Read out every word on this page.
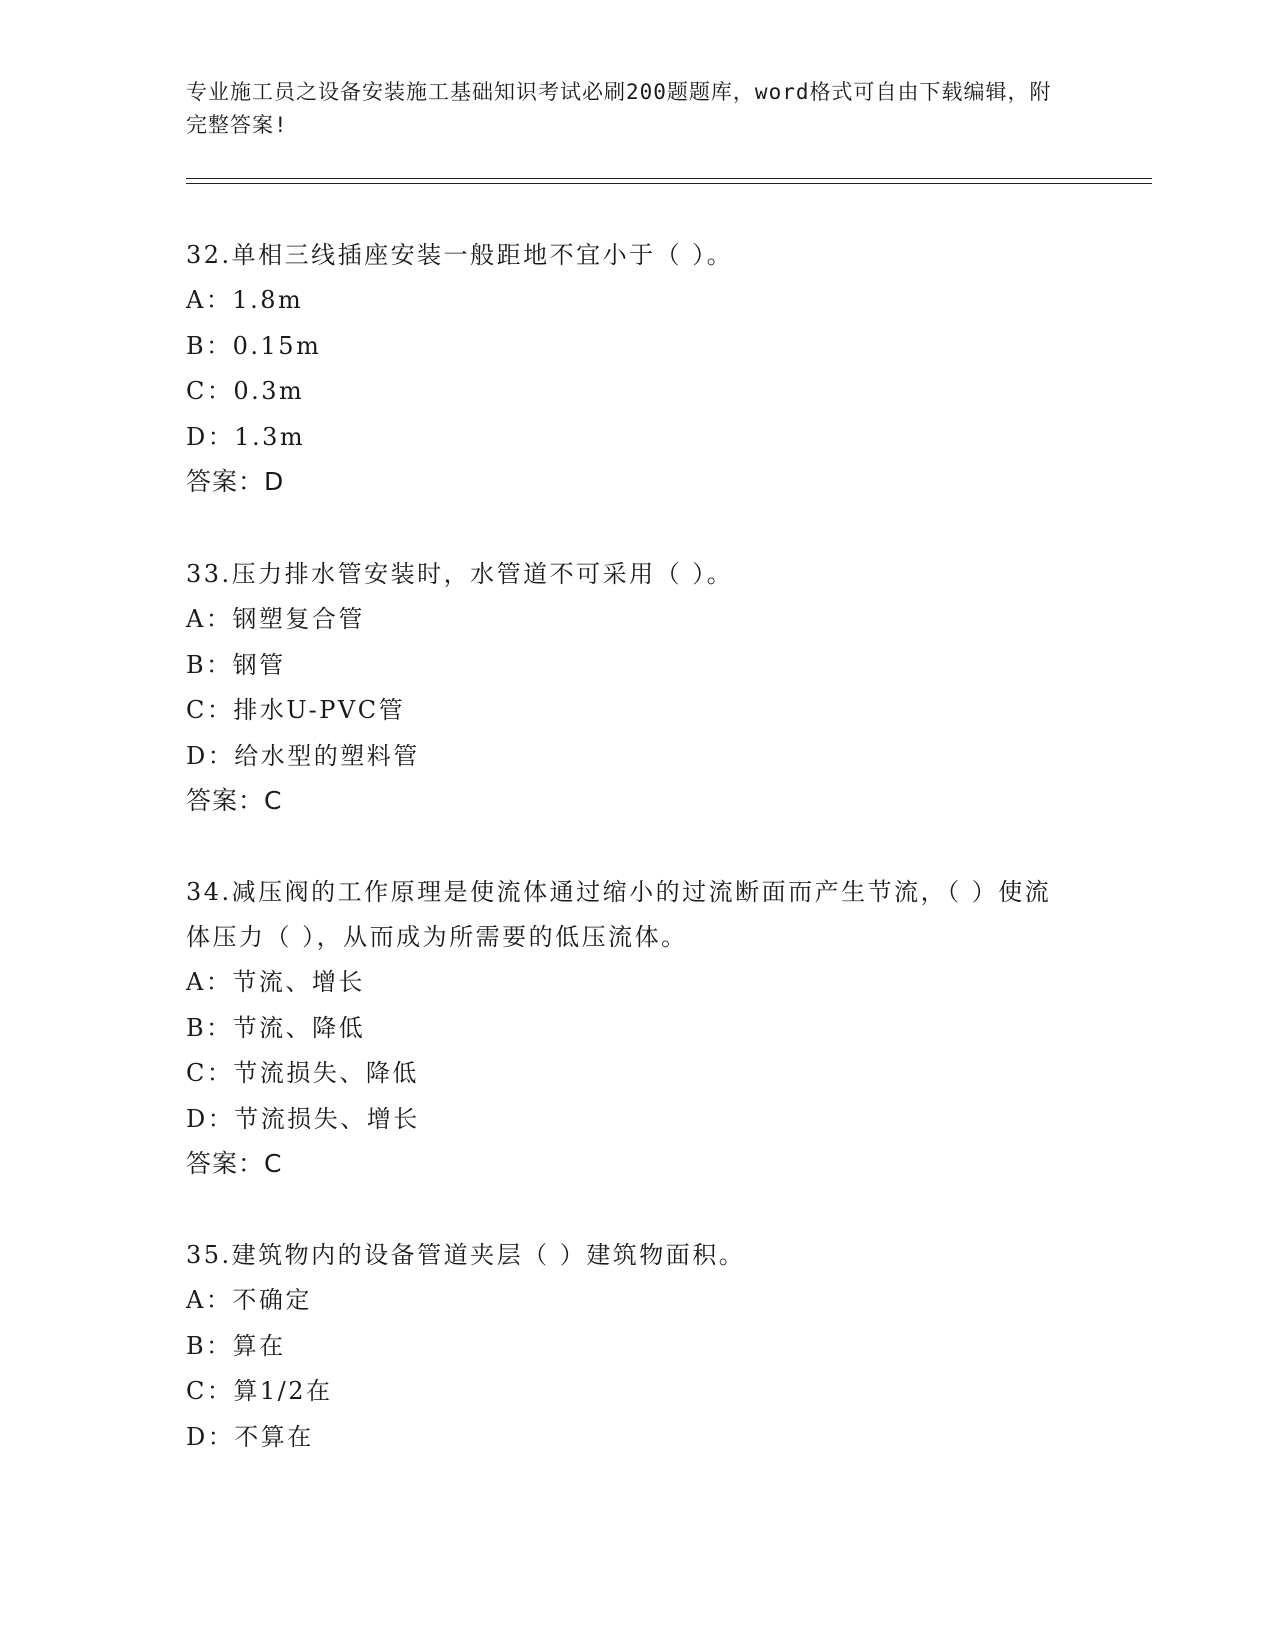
专业施工员之设备安装施工基础知识考试必刷200题题库，word格式可自由下载编辑，附完整答案!
32.单相三线插座安装一般距地不宜小于（ ）。
A：1.8m
B：0.15m
C：0.3m
D：1.3m
答案：D
33.压力排水管安装时，水管道不可采用（ ）。
A：钢塑复合管
B：钢管
C：排水U-PVC管
D：给水型的塑料管
答案：C
34.减压阀的工作原理是使流体通过缩小的过流断面而产生节流，（ ）使流体压力（ ），从而成为所需要的低压流体。
A：节流、增长
B：节流、降低
C：节流损失、降低
D：节流损失、增长
答案：C
35.建筑物内的设备管道夹层（ ）建筑物面积。
A：不确定
B：算在
C：算1/2在
D：不算在
